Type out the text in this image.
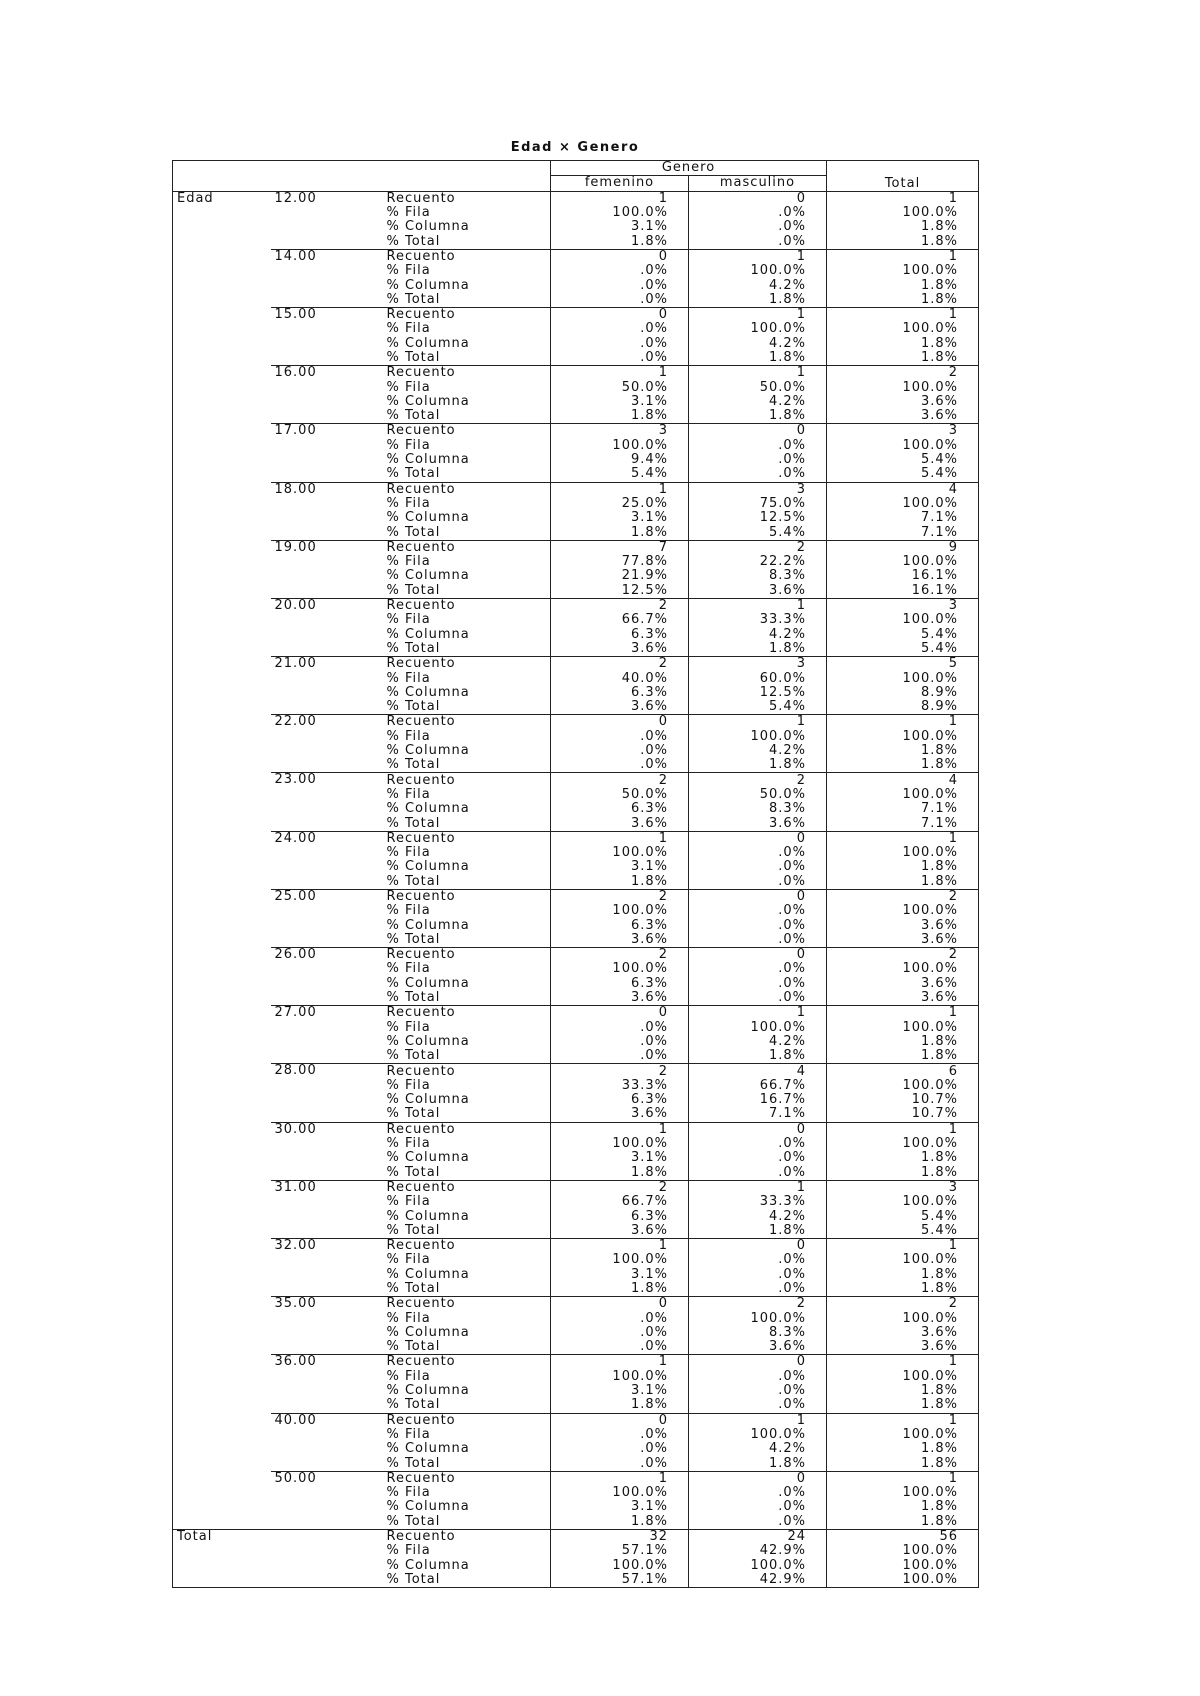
Edad × Genero
			Genero		Total
			femenino	masculino	
Edad	12.00	Recuento	1	0	1
		% Fila	100.0%	.0%	100.0%
		% Columna	3.1%	.0%	1.8%
		% Total	1.8%	.0%	1.8%
	14.00	Recuento	0	1	1
		% Fila	.0%	100.0%	100.0%
		% Columna	.0%	4.2%	1.8%
		% Total	.0%	1.8%	1.8%
	15.00	Recuento	0	1	1
		% Fila	.0%	100.0%	100.0%
		% Columna	.0%	4.2%	1.8%
		% Total	.0%	1.8%	1.8%
	16.00	Recuento	1	1	2
		% Fila	50.0%	50.0%	100.0%
		% Columna	3.1%	4.2%	3.6%
		% Total	1.8%	1.8%	3.6%
	17.00	Recuento	3	0	3
		% Fila	100.0%	.0%	100.0%
		% Columna	9.4%	.0%	5.4%
		% Total	5.4%	.0%	5.4%
	18.00	Recuento	1	3	4
		% Fila	25.0%	75.0%	100.0%
		% Columna	3.1%	12.5%	7.1%
		% Total	1.8%	5.4%	7.1%
	19.00	Recuento	7	2	9
		% Fila	77.8%	22.2%	100.0%
		% Columna	21.9%	8.3%	16.1%
		% Total	12.5%	3.6%	16.1%
	20.00	Recuento	2	1	3
		% Fila	66.7%	33.3%	100.0%
		% Columna	6.3%	4.2%	5.4%
		% Total	3.6%	1.8%	5.4%
	21.00	Recuento	2	3	5
		% Fila	40.0%	60.0%	100.0%
		% Columna	6.3%	12.5%	8.9%
		% Total	3.6%	5.4%	8.9%
	22.00	Recuento	0	1	1
		% Fila	.0%	100.0%	100.0%
		% Columna	.0%	4.2%	1.8%
		% Total	.0%	1.8%	1.8%
	23.00	Recuento	2	2	4
		% Fila	50.0%	50.0%	100.0%
		% Columna	6.3%	8.3%	7.1%
		% Total	3.6%	3.6%	7.1%
	24.00	Recuento	1	0	1
		% Fila	100.0%	.0%	100.0%
		% Columna	3.1%	.0%	1.8%
		% Total	1.8%	.0%	1.8%
	25.00	Recuento	2	0	2
		% Fila	100.0%	.0%	100.0%
		% Columna	6.3%	.0%	3.6%
		% Total	3.6%	.0%	3.6%
	26.00	Recuento	2	0	2
		% Fila	100.0%	.0%	100.0%
		% Columna	6.3%	.0%	3.6%
		% Total	3.6%	.0%	3.6%
	27.00	Recuento	0	1	1
		% Fila	.0%	100.0%	100.0%
		% Columna	.0%	4.2%	1.8%
		% Total	.0%	1.8%	1.8%
	28.00	Recuento	2	4	6
		% Fila	33.3%	66.7%	100.0%
		% Columna	6.3%	16.7%	10.7%
		% Total	3.6%	7.1%	10.7%
	30.00	Recuento	1	0	1
		% Fila	100.0%	.0%	100.0%
		% Columna	3.1%	.0%	1.8%
		% Total	1.8%	.0%	1.8%
	31.00	Recuento	2	1	3
		% Fila	66.7%	33.3%	100.0%
		% Columna	6.3%	4.2%	5.4%
		% Total	3.6%	1.8%	5.4%
	32.00	Recuento	1	0	1
		% Fila	100.0%	.0%	100.0%
		% Columna	3.1%	.0%	1.8%
		% Total	1.8%	.0%	1.8%
	35.00	Recuento	0	2	2
		% Fila	.0%	100.0%	100.0%
		% Columna	.0%	8.3%	3.6%
		% Total	.0%	3.6%	3.6%
	36.00	Recuento	1	0	1
		% Fila	100.0%	.0%	100.0%
		% Columna	3.1%	.0%	1.8%
		% Total	1.8%	.0%	1.8%
	40.00	Recuento	0	1	1
		% Fila	.0%	100.0%	100.0%
		% Columna	.0%	4.2%	1.8%
		% Total	.0%	1.8%	1.8%
	50.00	Recuento	1	0	1
		% Fila	100.0%	.0%	100.0%
		% Columna	3.1%	.0%	1.8%
		% Total	1.8%	.0%	1.8%
Total		Recuento	32	24	56
		% Fila	57.1%	42.9%	100.0%
		% Columna	100.0%	100.0%	100.0%
		% Total	57.1%	42.9%	100.0%
